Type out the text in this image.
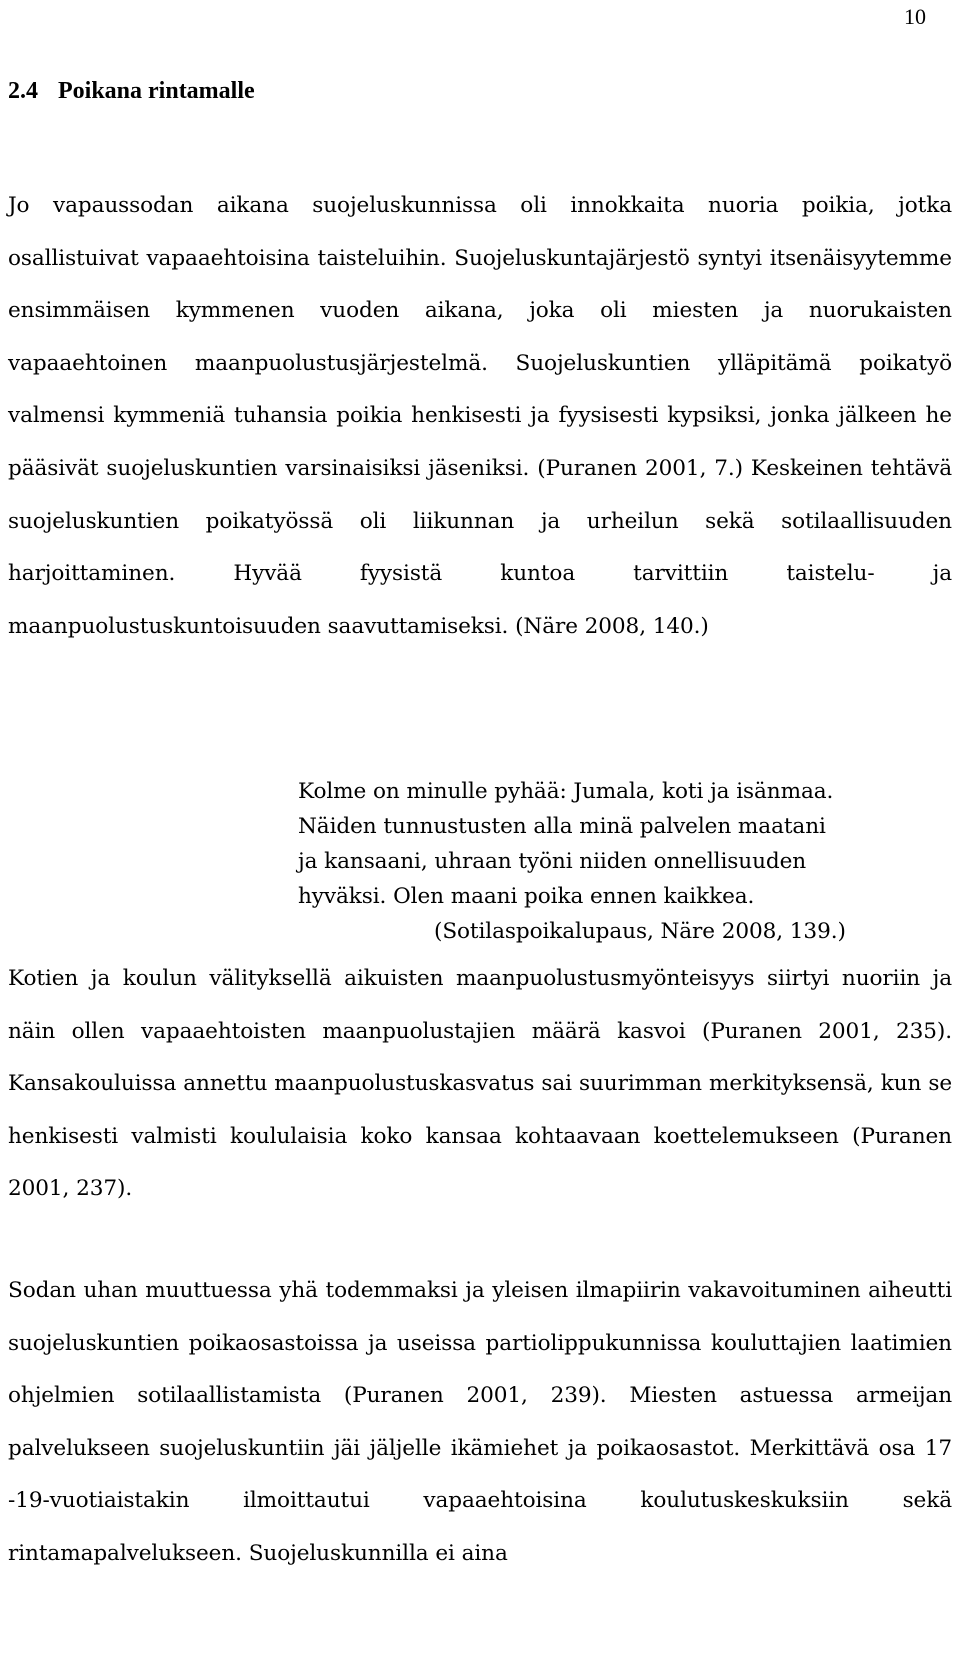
10
2.4 Poikana rintamalle

Jo vapaussodan aikana suojeluskunnissa oli innokkaita nuoria poikia, jotka osallistuivat vapaaehtoisina taisteluihin. Suojeluskuntajärjestö syntyi itsenäisyytemme ensimmäisen kymmenen vuoden aikana, joka oli miesten ja nuorukaisten vapaaehtoinen maanpuolustusjärjestelmä. Suojeluskuntien ylläpitämä poikatyö valmensi kymmeniä tuhansia poikia henkisesti ja fyysisesti kypsiksi, jonka jälkeen he pääsivät suojeluskuntien varsinaisiksi jäseniksi. (Puranen 2001, 7.) Keskeinen tehtävä suojeluskuntien poikatyössä oli liikunnan ja urheilun sekä sotilaallisuuden harjoittaminen. Hyvää fyysistä kuntoa tarvittiin taistelu- ja maanpuolustuskuntoisuuden saavuttamiseksi. (Näre 2008, 140.)

Kolme on minulle pyhää: Jumala, koti ja isänmaa.
Näiden tunnustusten alla minä palvelen maatani
ja kansaani, uhraan työni niiden onnellisuuden
hyväksi. Olen maani poika ennen kaikkea.
(Sotilaspoikalupaus, Näre 2008, 139.)

Kotien ja koulun välityksellä aikuisten maanpuolustusmyönteisyys siirtyi nuoriin ja näin ollen vapaaehtoisten maanpuolustajien määrä kasvoi (Puranen 2001, 235). Kansakouluissa annettu maanpuolustuskasvatus sai suurimman merkityksensä, kun se henkisesti valmisti koululaisia koko kansaa kohtaavaan koettelemukseen (Puranen 2001, 237).

Sodan uhan muuttuessa yhä todemmaksi ja yleisen ilmapiirin vakavoituminen aiheutti suojeluskuntien poikaosastoissa ja useissa partiolippukunnissa kouluttajien laatimien ohjelmien sotilaallistamista (Puranen 2001, 239). Miesten astuessa armeijan palvelukseen suojeluskuntiin jäi jäljelle ikämiehet ja poikaosastot. Merkittävä osa 17 -19-vuotiaistakin ilmoittautui vapaaehtoisina koulutuskeskuksiin sekä rintamapalvelukseen. Suojeluskunnilla ei aina
